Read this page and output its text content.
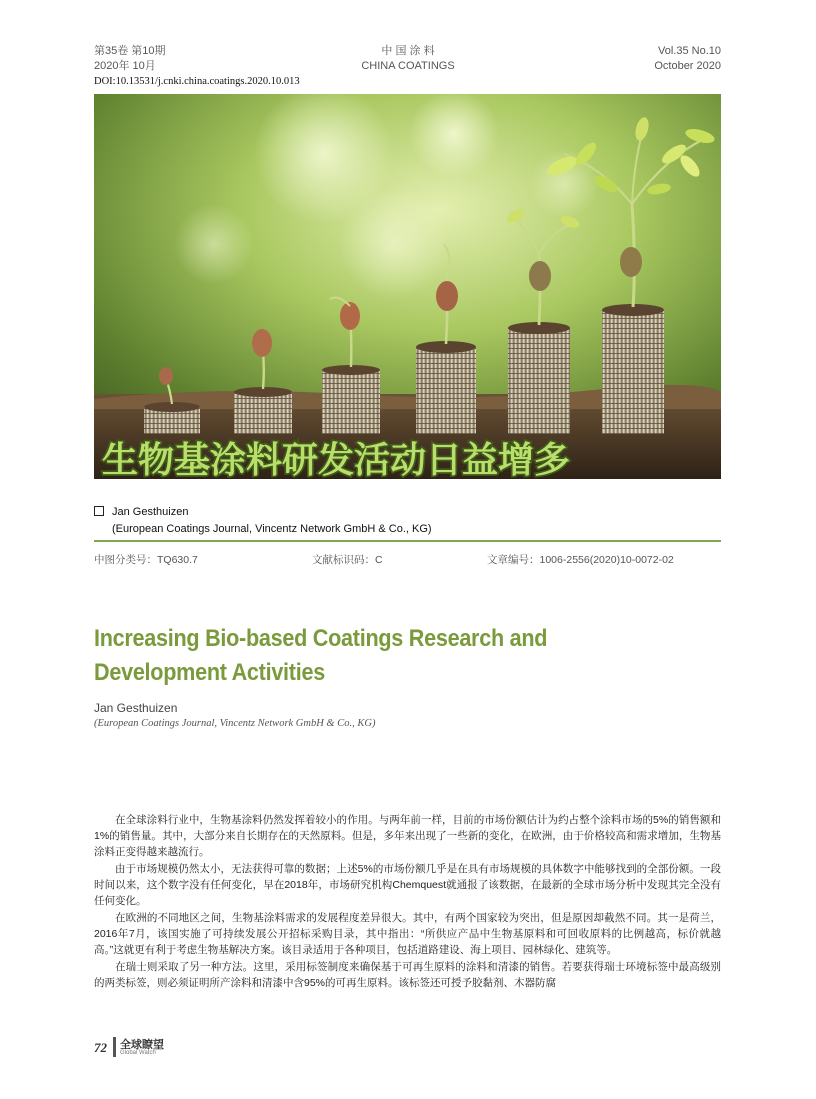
第35卷 第10期
2020年 10月
中 国 涂 料
CHINA COATINGS
Vol.35 No.10
October 2020
DOI:10.13531/j.cnki.china.coatings.2020.10.013
生物基涂料研发活动日益增多
Jan Gesthuizen
(European Coatings Journal, Vincentz Network GmbH & Co., KG)
中图分类号：TQ630.7	文献标识码：C	文章编号：1006-2556(2020)10-0072-02
Increasing Bio-based Coatings Research and Development Activities
Jan Gesthuizen
(European Coatings Journal, Vincentz Network GmbH & Co., KG)

在全球涂料行业中，生物基涂料仍然发挥着较小的作用。与两年前一样，目前的市场份额估计为约占整个涂料市场的5%的销售额和1%的销售量。其中，大部分来自长期存在的天然原料。但是，多年来出现了一些新的变化，在欧洲，由于价格较高和需求增加，生物基涂料正变得越来越流行。

由于市场规模仍然太小，无法获得可靠的数据；上述5%的市场份额几乎是在具有市场规模的具体数字中能够找到的全部份额。一段时间以来，这个数字没有任何变化，早在2018年，市场研究机构Chemquest就通报了该数据，在最新的全球市场分析中发现其完全没有任何变化。

在欧洲的不同地区之间，生物基涂料需求的发展程度差异很大。其中，有两个国家较为突出，但是原因却截然不同。其一是荷兰，2016年7月，该国实施了可持续发展公开招标采购目录，其中指出：“所供应产品中生物基原料和可回收原料的比例越高，标价就越高。”这就更有利于考虑生物基解决方案。该目录适用于各种项目，包括道路建设、海上项目、园林绿化、建筑等。

在瑞士则采取了另一种方法。这里，采用标签制度来确保基于可再生原料的涂料和清漆的销售。若要获得瑞士环境标签中最高级别的两类标签，则必须证明所产涂料和清漆中含95%的可再生原料。该标签还可授予胶黏剂、木器防腐

72 全球瞭望
Global Watch
